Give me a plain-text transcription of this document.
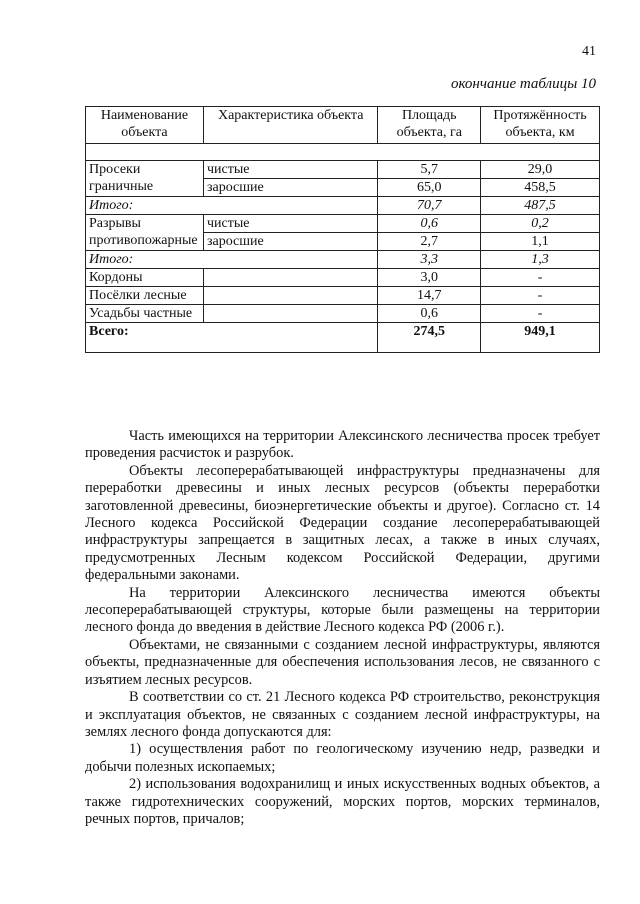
41
окончание таблицы 10
Наименование объекта	Характеристика объекта	Площадь объекта, га	Протяжённость объекта, км

Просеки граничные	чистые	5,7	29,0
	заросшие	65,0	458,5
Итого:		70,7	487,5
Разрывы противопожарные	чистые	0,6	0,2
	заросшие	2,7	1,1
Итого:		3,3	1,3
Кордоны		3,0	-
Посёлки лесные		14,7	-
Усадьбы частные		0,6	-
Всего:		274,5	949,1

Часть имеющихся на территории Алексинского лесничества просек требует проведения расчисток и разрубок.

Объекты лесоперерабатывающей инфраструктуры предназначены для переработки древесины и иных лесных ресурсов (объекты переработки заготовленной древесины, биоэнергетические объекты и другое). Согласно ст. 14 Лесного кодекса Российской Федерации создание лесоперерабатывающей инфраструктуры запрещается в защитных лесах, а также в иных случаях, предусмотренных Лесным кодексом Российской Федерации, другими федеральными законами.

На территории Алексинского лесничества имеются объекты лесоперерабатывающей структуры, которые были размещены на территории лесного фонда до введения в действие Лесного кодекса РФ (2006 г.).

Объектами, не связанными с созданием лесной инфраструктуры, являются объекты, предназначенные для обеспечения использования лесов, не связанного с изъятием лесных ресурсов.

В соответствии со ст. 21 Лесного кодекса РФ строительство, реконструкция и эксплуатация объектов, не связанных с созданием лесной инфраструктуры, на землях лесного фонда допускаются для:

1) осуществления работ по геологическому изучению недр, разведки и добычи полезных ископаемых;

2) использования водохранилищ и иных искусственных водных объектов, а также гидротехнических сооружений, морских портов, морских терминалов, речных портов, причалов;
